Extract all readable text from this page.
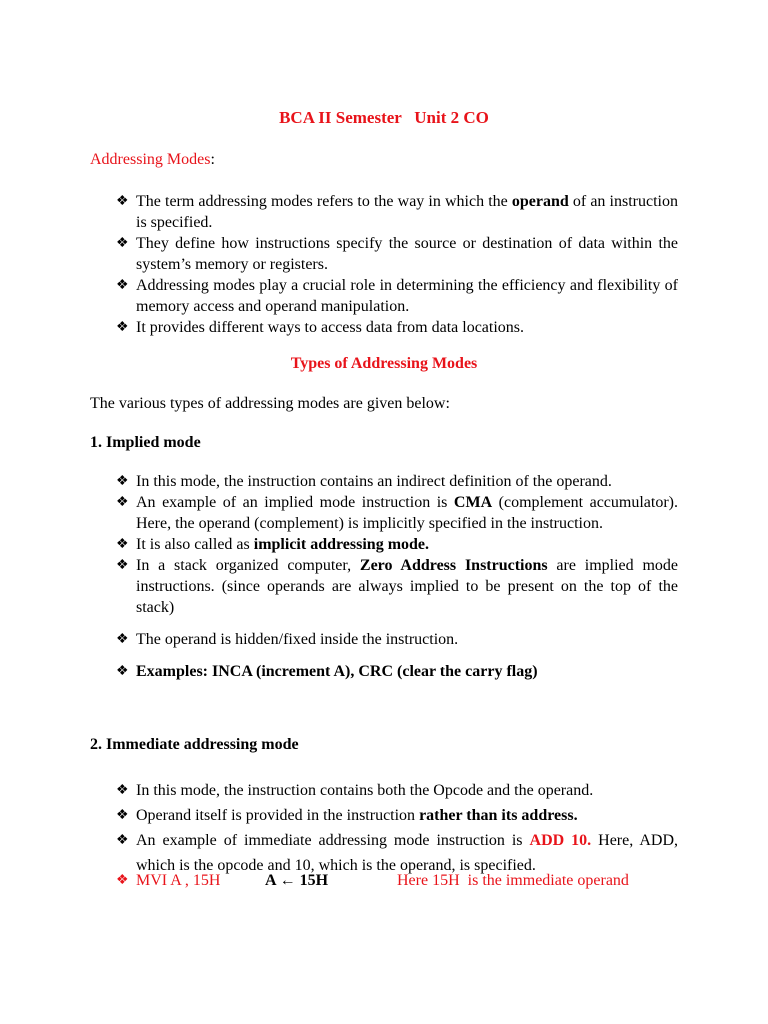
BCA II Semester   Unit 2 CO
Addressing Modes:
❖ The term addressing modes refers to the way in which the operand of an instruction is specified.
❖ They define how instructions specify the source or destination of data within the system’s memory or registers.
❖ Addressing modes play a crucial role in determining the efficiency and flexibility of memory access and operand manipulation.
❖ It provides different ways to access data from data locations.
Types of Addressing Modes
The various types of addressing modes are given below:
1. Implied mode
❖ In this mode, the instruction contains an indirect definition of the operand.
❖ An example of an implied mode instruction is CMA (complement accumulator). Here, the operand (complement) is implicitly specified in the instruction.
❖ It is also called as implicit addressing mode.
❖ In a stack organized computer, Zero Address Instructions are implied mode instructions. (since operands are always implied to be present on the top of the stack)
❖ The operand is hidden/fixed inside the instruction.
❖ Examples: INCA (increment A), CRC (clear the carry flag)
2. Immediate addressing mode
❖ In this mode, the instruction contains both the Opcode and the operand.
❖ Operand itself is provided in the instruction rather than its address.
❖ An example of immediate addressing mode instruction is ADD 10. Here, ADD, which is the opcode and 10, which is the operand, is specified.
❖ MVI A , 15H	A ← 15H	Here 15H  is the immediate operand
